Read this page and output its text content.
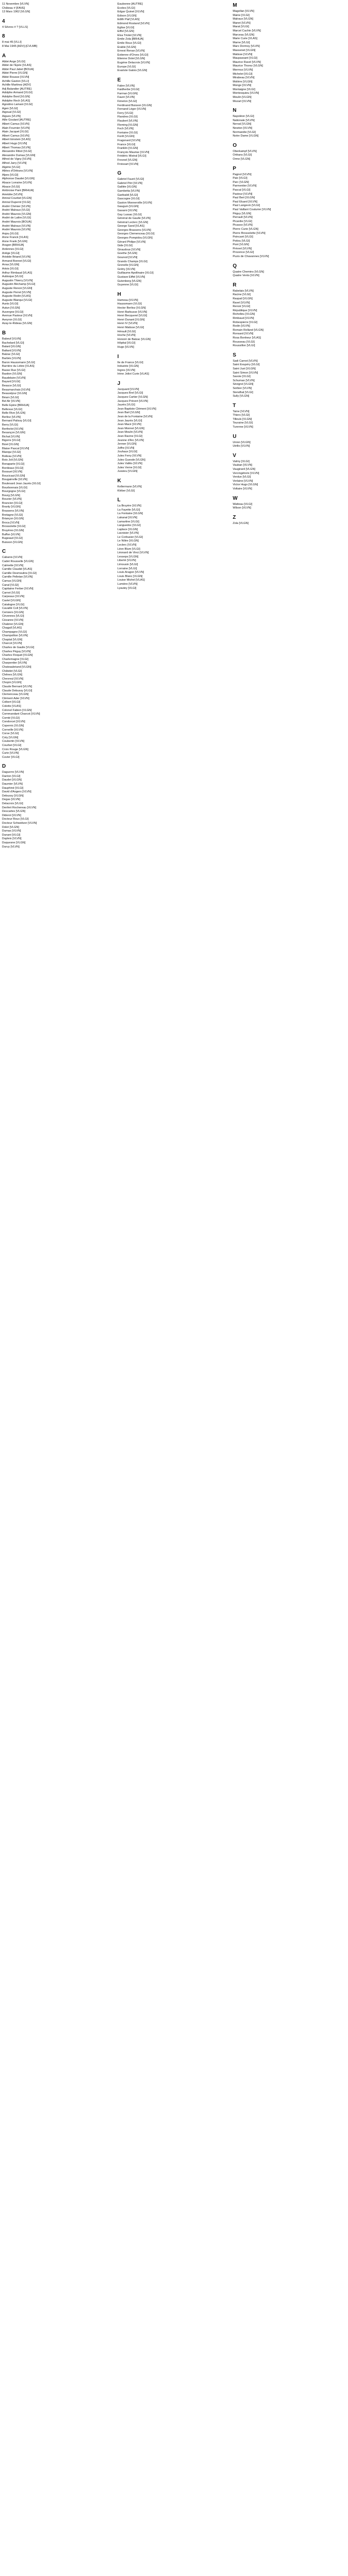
11 Novembre [VLVN]
Château # [FAVE]
13 Mars 1962 [VLGN]
4
4 Sêvres # ? [VLLS]
8
8 mai 45 [VLLI]
8 Mai 1945 [ADV]-[CVLMB]
A
Abbé Ange [VLGI]
Abbé de l'Epée [VLAS]
Abbé Paul Jabet [BOUA]
Abbé Pierre [VLGN]
Abbé Rousse [VLVN]
Achille Gaston [VLLI]
Achille Martinez [ADV]
Adj Balandier [AUTRE]
Adolphe Armand [VLGI]
Adolphe Bord [VLGN]
Adolphe Rech [VLAS]
Agostino Lamani [VLGI]
Agen [VLGI]
Aigoual [VLGI]
Aigues [VLVN]
Aille Goulard [AUTRE]
Albert Camus [VLVN]
Alain Fournier [VLVN]
Alain Jacquet [VLGI]
Albert Camus [VLVN]
Albert Einstein [VLAS]
Albert Hugo [VLVN]
Albert Thomas [VLVN]
Alexandre Ribot [VLGI]
Alexandre Dumas [VLGN]
Alfred de Vigny [VLVN]
Alfred Jarry [VLVN]
Algérie [VLGI]
Allées d'Orléans [VLVN]
Alpes [VLGI]
Alphonse Daudet [VLGN]
Alsace Lorraine [VLVN]
Alsace [VLGI]
Ambroise Paré [BRHUA]
Amédée [VLVN]
Amiral Courbet [VLGN]
Amiral Duperré [VLGI]
André Chénier [VLVN]
André Malraux [VLGI]
André Maurois [VLGN]
André de Lattre [VLGI]
André Maurois [BOUA]
André Malraux [VLVN]
André Maurois [VLVN]
Anjou [VLGI]
Anne Franck [VLAS]
Anne Frank [VLGN]
Aragon [BRHUA]
Ardennes [VLGI]
Ariège [VLGI]
Aristide Briand [VLVN]
Armand Bonnet [VLGI]
Arras [VLGN]
Artois [VLGI]
Arthur Rimbaud [VLAS]
Aubisque [VLGI]
Augustin Thierry [VLVN]
Augustin Béchamp [VLGI]
Auguste Renoir [VLGN]
Auguste Perret [VLVN]
Auguste Rodin [VLAS]
Auguste Blanqui [VLGI]
Aunis [VLGI]
Autun [VLGN]
Auvergne [VLGI]
Avenue Pasteur [VLVN]
Aveyron [VLGI]
Azay-le-Rideau [VLGN]
B
Babeuf [VLVN]
Bachelard [VLGI]
Balard [VLGN]
Baltard [VLVN]
Balzac [VLGI]
Barbès [VLVN]
Baron Haussmann [VLGI]
Barrière du Lèbre [VLAS]
Basse Rue [VLGI]
Bastion [VLGN]
Baudelaire [VLVN]
Bayard [VLGI]
Beauce [VLGI]
Beaumarchais [VLVN]
Beauséjour [VLGN]
Béarn [VLGI]
Bel Air [VLVN]
Belle Epine [BRHUA]
Bellevue [VLGI]
Belle Rive [VLGN]
Berlioz [VLVN]
Bernard Palissy [VLGI]
Berry [VLGI]
Berthelot [VLVN]
Besançon [VLGN]
Bichat [VLVN]
Bigorre [VLGI]
Bizet [VLGN]
Blaise Pascal [VLVN]
Blanqui [VLGI]
Boileau [VLVN]
Bois Joli [VLGN]
Bonaparte [VLGI]
Bordeaux [VLGI]
Bossuet [VLVN]
Boucicaut [VLGN]
Bougainville [VLVN]
Boulevard Jean Jaurès [VLGI]
Bourbonnais [VLGI]
Bourgogne [VLGI]
Bourg [VLGN]
Bouvier [VLVN]
Brancion [VLGI]
Branly [VLGN]
Brassens [VLVN]
Bretagne [VLGI]
Briançon [VLGN]
Broca [VLVN]
Brossolette [VLGI]
Bruyères [VLGN]
Buffon [VLVN]
Bugeaud [VLGI]
Buisson [VLGN]
C
Cabanis [VLVN]
Cadet Rousselle [VLGN]
Calmette [VLVN]
Camille Claudel [VLAS]
Camille Desmoulins [VLGI]
Camille Pelletan [VLVN]
Camus [VLGN]
Canal [VLGI]
Capitaine Ferber [VLVN]
Carnot [VLGI]
Carpeaux [VLVN]
Castel [VLGN]
Catalogne [VLGI]
Cavaillé Coll [VLVN]
Cerisiers [VLGN]
Cévennes [VLGI]
Cézanne [VLVN]
Chabrier [VLGN]
Chagall [VLAS]
Champagne [VLGI]
Champollion [VLVN]
Chaptal [VLGN]
Charcot [VLVN]
Charles de Gaulle [VLGI]
Charles Péguy [VLVN]
Charles Floquet [VLGN]
Charlemagne [VLGI]
Charpentier [VLVN]
Chateaubriand [VLGN]
Châtelet [VLGI]
Chênes [VLGN]
Chevreul [VLVN]
Chopin [VLGN]
Claude Bernard [VLVN]
Claude Debussy [VLGI]
Clemenceau [VLGN]
Clément Ader [VLVN]
Colbert [VLGI]
Colette [VLAS]
Colonel Fabien [VLGN]
Commandant Charcot [VLVN]
Comté [VLGI]
Condorcet [VLVN]
Copernic [VLGN]
Corneille [VLVN]
Corse [VLGI]
Coty [VLGN]
Coubertin [VLVN]
Courbet [VLGI]
Croix Rouge [VLGN]
Curie [VLVN]
Cuvier [VLGI]
D
Daguerre [VLVN]
Danton [VLGI]
Daudet [VLGN]
Daumier [VLVN]
Dauphiné [VLGI]
David d'Angers [VLVN]
Debussy [VLGN]
Degas [VLVN]
Delacroix [VLGI]
Denfert Rochereau [VLVN]
Descartes [VLGN]
Diderot [VLVN]
Docteur Roux [VLGI]
Docteur Schweitzer [VLVN]
Dolet [VLGN]
Dumas [VLVN]
Dunant [VLGI]
Dupleix [VLVN]
Duquesne [VLGN]
Duruy [VLVN]
Eaubonne [AUTRE]
Ecoles [VLGI]
Edgar Quinet [VLVN]
Edison [VLGN]
Edith Piaf [VLAS]
Edmond Rostand [VLVN]
Eglise [VLGI]
Eiffel [VLGN]
Elsa Triolet [VLVN]
Emile Zola [BRHUA]
Emile Roux [VLGI]
Erable [VLGN]
Ernest Renan [VLVN]
Estienne d'Orves [VLGI]
Etienne Dolet [VLGN]
Eugène Delacroix [VLVN]
Europe [VLGI]
Evariste Galois [VLGN]
E
Fabre [VLVN]
Faidherbe [VLGI]
Farman [VLGN]
Fauré [VLVN]
Fénelon [VLGI]
Ferdinand Buisson [VLGN]
Fernand Léger [VLVN]
Ferry [VLGI]
Flandres [VLGI]
Flaubert [VLVN]
Fleming [VLGN]
Foch [VLVN]
Fontaine [VLGI]
Forêt [VLGN]
Fragonard [VLVN]
France [VLGI]
Franklin [VLGN]
François Mauriac [VLVN]
Frédéric Mistral [VLGI]
Fresnel [VLGN]
Froissart [VLVN]
G
Gabriel Fauré [VLGI]
Gabriel Péri [VLVN]
Galilée [VLGN]
Gambetta [VLVN]
Garibaldi [VLGI]
Gascogne [VLGI]
Gaston Monnerville [VLVN]
Gauguin [VLGN]
Gavarni [VLVN]
Gay Lussac [VLGI]
Général de Gaulle [VLVN]
Général Leclerc [VLGN]
George Sand [VLAS]
Georges Brassens [VLVN]
Georges Clemenceau [VLGI]
Georges Pompidou [VLGN]
Gérard Philipe [VLVN]
Gide [VLGI]
Giraudoux [VLVN]
Goethe [VLGN]
Gounod [VLVN]
Grands Champs [VLGI]
Grenelle [VLGN]
Grétry [VLVN]
Guillaume Apollinaire [VLGI]
Gustave Eiffel [VLVN]
Gutenberg [VLGN]
Guyenne [VLGI]
H
Hameau [VLVN]
Haussmann [VLGI]
Hector Berlioz [VLGN]
Henri Barbusse [VLVN]
Henri Becquerel [VLGI]
Henri Dunant [VLGN]
Henri IV [VLVN]
Henri Matisse [VLGI]
Hérault [VLGI]
Hoche [VLVN]
Honoré de Balzac [VLGN]
Hôpital [VLGI]
Hugo [VLVN]
I
Ile de France [VLGI]
Industrie [VLGN]
Ingres [VLVN]
Irène Joliot Curie [VLAS]
J
Jacquard [VLVN]
Jacques Brel [VLGI]
Jacques Cartier [VLGN]
Jacques Prévert [VLVN]
Jaurès [VLGI]
Jean Baptiste Clément [VLVN]
Jean Bart [VLGN]
Jean de la Fontaine [VLVN]
Jean Jaurès [VLGI]
Jean Macé [VLVN]
Jean Monnet [VLGN]
Jean Moulin [VLVN]
Jean Racine [VLGI]
Jeanne d'Arc [VLVN]
Jenner [VLGN]
Joffre [VLVN]
Jouhaux [VLGI]
Jules Ferry [VLVN]
Jules Guesde [VLGN]
Jules Vallès [VLVN]
Jules Verne [VLGI]
Jussieu [VLGN]
K
Kellermann [VLVN]
Kléber [VLGI]
L
La Bruyère [VLVN]
La Fayette [VLGI]
La Fontaine [VLGN]
Lakanal [VLVN]
Lamartine [VLGI]
Languedoc [VLGI]
Laplace [VLGN]
Lavoisier [VLVN]
Le Corbusier [VLGI]
Le Nôtre [VLGN]
Leclerc [VLVN]
Léon Blum [VLGI]
Léonard de Vinci [VLVN]
Lesseps [VLGN]
Liberté [VLVN]
Limousin [VLGI]
Lorraine [VLGI]
Louis Aragon [VLVN]
Louis Blanc [VLGN]
Louise Michel [VLAS]
Lumière [VLVN]
Lyautey [VLGI]
M
Magellan [VLVN]
Maine [VLGI]
Malraux [VLGN]
Manet [VLVN]
Marat [VLGI]
Marcel Cachin [VLVN]
Marceau [VLGN]
Marie Curie [VLAS]
Marne [VLGI]
Marx Dormoy [VLVN]
Massenet [VLGN]
Matisse [VLVN]
Maupassant [VLGI]
Maurice Ravel [VLVN]
Maurice Thorez [VLGN]
Mermoz [VLVN]
Michelet [VLGI]
Mirabeau [VLVN]
Molière [VLGN]
Monge [VLVN]
Montaigne [VLGI]
Montesquieu [VLVN]
Moulin [VLGN]
Mozart [VLVN]
N
Napoléon [VLGI]
Nationale [VLVN]
Nerval [VLGN]
Newton [VLVN]
Normandie [VLGI]
Notre Dame [VLGN]
O
Oberkampf [VLVN]
Orléans [VLGI]
Orme [VLGN]
P
Pagnol [VLVN]
Paix [VLGI]
Parc [VLGN]
Parmentier [VLVN]
Pascal [VLGI]
Pasteur [VLVN]
Paul Bert [VLGN]
Paul Eluard [VLVN]
Paul Langevin [VLGI]
Paul Vaillant Couturier [VLVN]
Péguy [VLGN]
Perrault [VLVN]
Picardie [VLGI]
Picasso [VLVN]
Pierre Curie [VLGN]
Pierre Brossolette [VLVN]
Poincaré [VLGI]
Poitou [VLGI]
Pont [VLGN]
Prévert [VLVN]
Provence [VLGI]
Puvis de Chavannes [VLVN]
Q
Quatre Chemins [VLGN]
Quatre Vents [VLVN]
R
Rabelais [VLVN]
Racine [VLGI]
Raspail [VLGN]
Ravel [VLVN]
Renoir [VLGI]
République [VLVN]
Richelieu [VLGN]
Rimbaud [VLVN]
Robespierre [VLGI]
Rodin [VLVN]
Romain Rolland [VLGN]
Ronsard [VLVN]
Rosa Bonheur [VLAS]
Rousseau [VLGI]
Roussillon [VLGI]
S
Sadi Carnot [VLVN]
Saint Exupéry [VLGI]
Saint Just [VLGN]
Saint Simon [VLVN]
Savoie [VLGI]
Schuman [VLVN]
Sévigné [VLGN]
Sorbier [VLVN]
Stendhal [VLGI]
Sully [VLGN]
T
Taine [VLVN]
Thiers [VLGI]
Tilleuls [VLGN]
Touraine [VLGI]
Turenne [VLVN]
U
Union [VLGN]
Utrillo [VLVN]
V
Valmy [VLGI]
Vauban [VLVN]
Vaugirard [VLGN]
Vercingétorix [VLVN]
Verdun [VLGI]
Verlaine [VLVN]
Victor Hugo [VLGN]
Voltaire [VLVN]
W
Watteau [VLGI]
Wilson [VLVN]
Z
Zola [VLGN]
